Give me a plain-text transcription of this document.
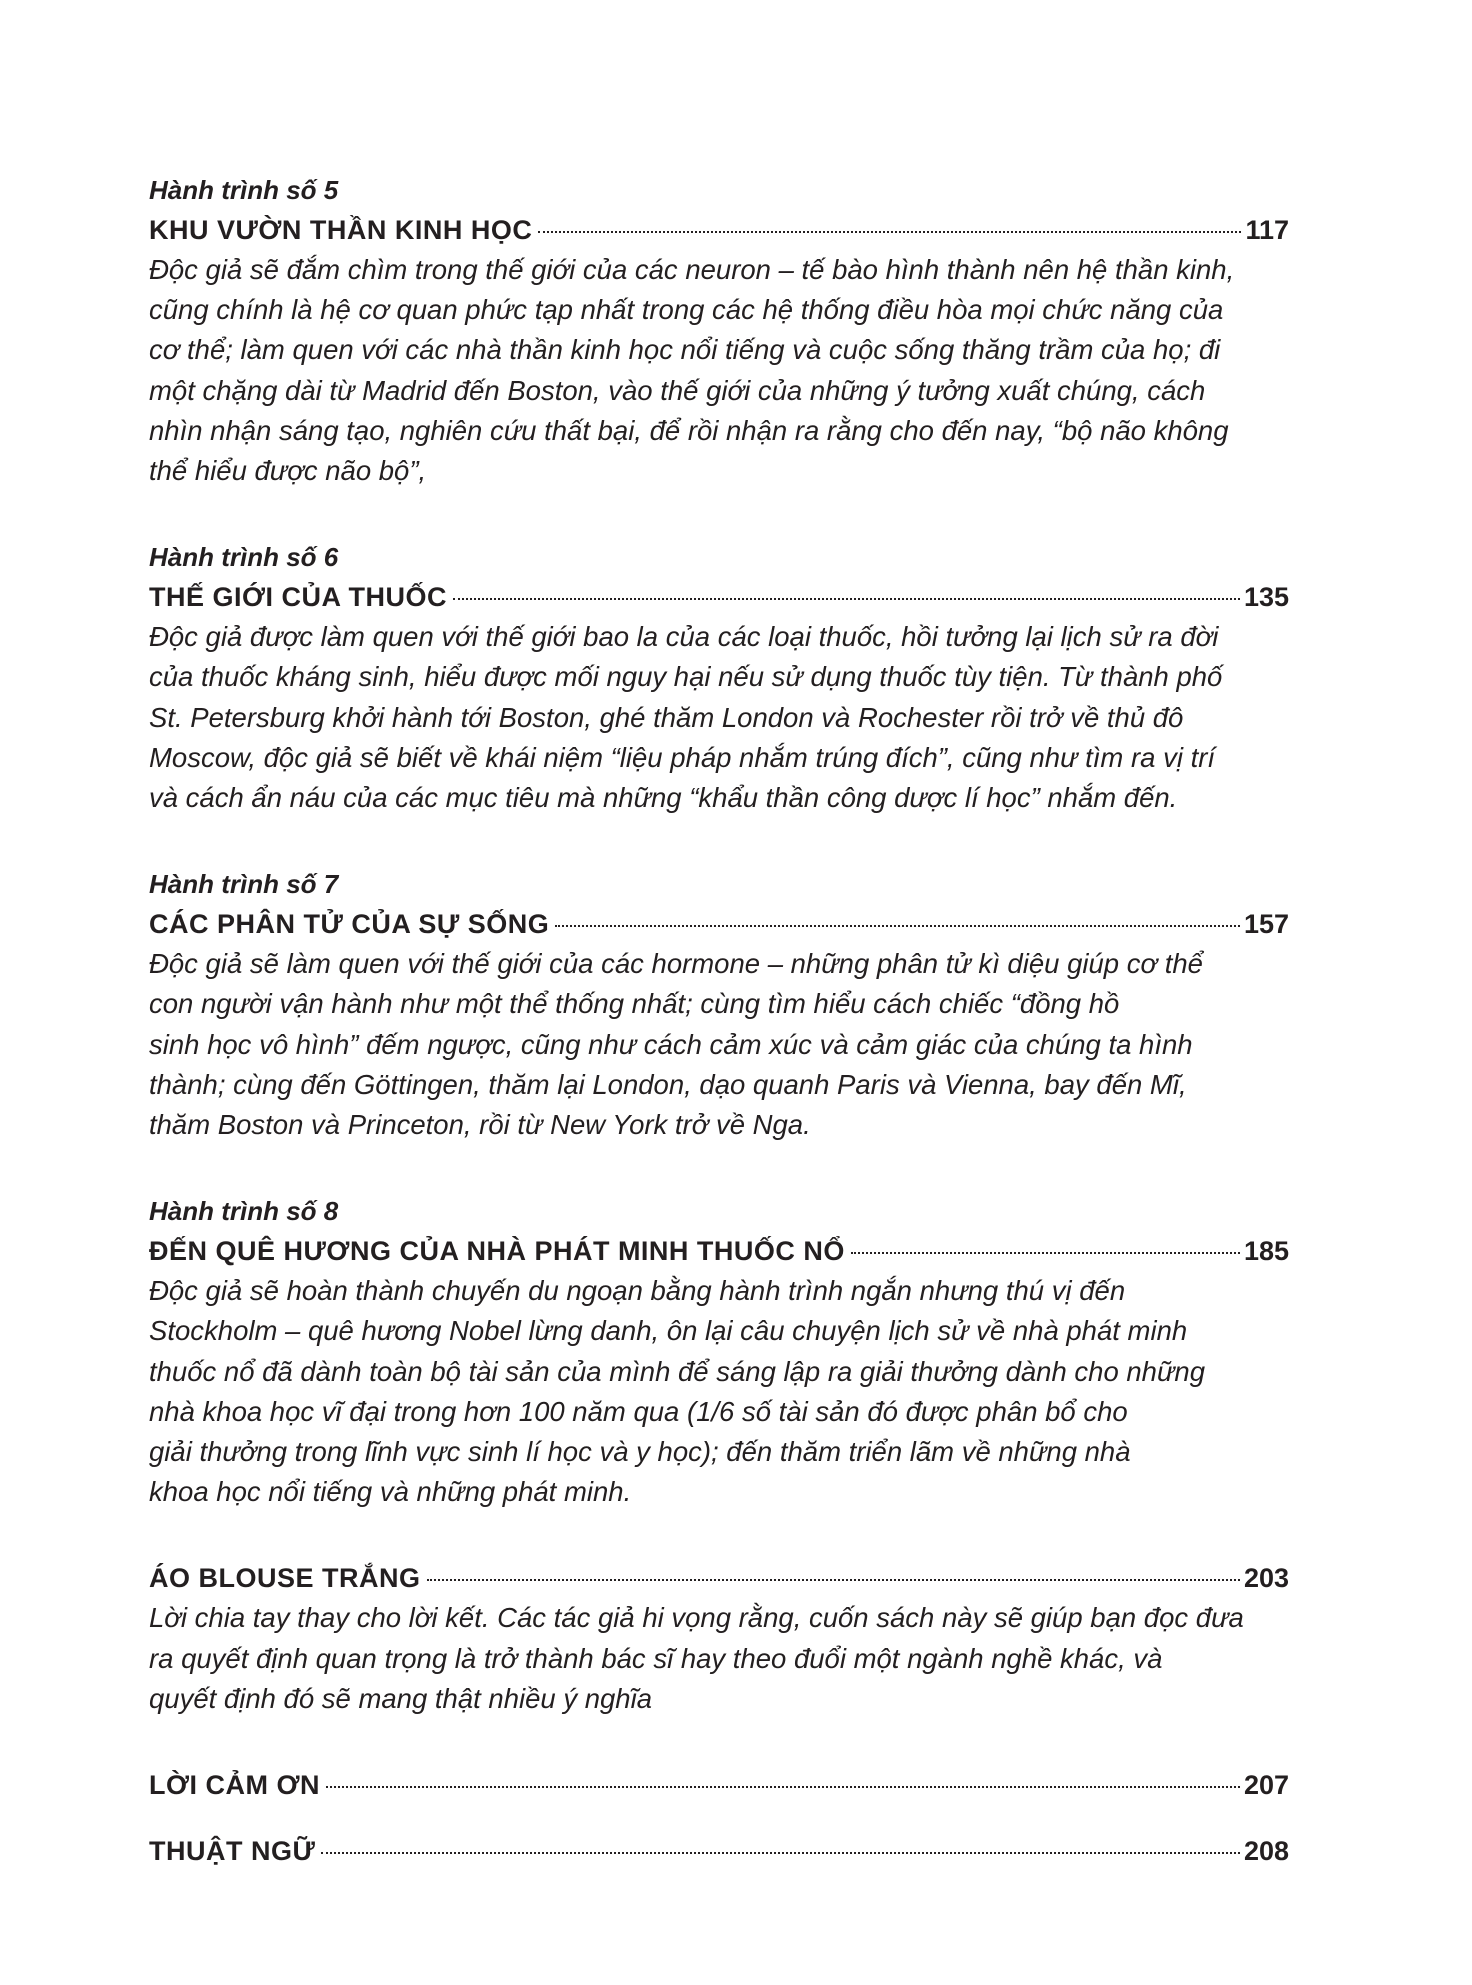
Hành trình số 5
KHU VƯỜN THẦN KINH HỌC	117

Độc giả sẽ đắm chìm trong thế giới của các neuron – tế bào hình thành nên hệ thần kinh,
cũng chính là hệ cơ quan phức tạp nhất trong các hệ thống điều hòa mọi chức năng của
cơ thể; làm quen với các nhà thần kinh học nổi tiếng và cuộc sống thăng trầm của họ; đi
một chặng dài từ Madrid đến Boston, vào thế giới của những ý tưởng xuất chúng, cách
nhìn nhận sáng tạo, nghiên cứu thất bại, để rồi nhận ra rằng cho đến nay, “bộ não không
thể hiểu được não bộ”,

Hành trình số 6
THẾ GIỚI CỦA THUỐC	135

Độc giả được làm quen với thế giới bao la của các loại thuốc, hồi tưởng lại lịch sử ra đời
của thuốc kháng sinh, hiểu được mối nguy hại nếu sử dụng thuốc tùy tiện. Từ thành phố
St. Petersburg khởi hành tới Boston, ghé thăm London và Rochester rồi trở về thủ đô
Moscow, độc giả sẽ biết về khái niệm “liệu pháp nhắm trúng đích”, cũng như tìm ra vị trí
và cách ẩn náu của các mục tiêu mà những “khẩu thần công dược lí học” nhắm đến.

Hành trình số 7
CÁC PHÂN TỬ CỦA SỰ SỐNG	157

Độc giả sẽ làm quen với thế giới của các hormone – những phân tử kì diệu giúp cơ thể
con người vận hành như một thể thống nhất; cùng tìm hiểu cách chiếc “đồng hồ
sinh học vô hình” đếm ngược, cũng như cách cảm xúc và cảm giác của chúng ta hình
thành; cùng đến Göttingen, thăm lại London, dạo quanh Paris và Vienna, bay đến Mĩ,
thăm Boston và Princeton, rồi từ New York trở về Nga.

Hành trình số 8
ĐẾN QUÊ HƯƠNG CỦA NHÀ PHÁT MINH THUỐC NỔ	185

Độc giả sẽ hoàn thành chuyến du ngoạn bằng hành trình ngắn nhưng thú vị đến
Stockholm – quê hương Nobel lừng danh, ôn lại câu chuyện lịch sử về nhà phát minh
thuốc nổ đã dành toàn bộ tài sản của mình để sáng lập ra giải thưởng dành cho những
nhà khoa học vĩ đại trong hơn 100 năm qua (1/6 số tài sản đó được phân bổ cho
giải thưởng trong lĩnh vực sinh lí học và y học); đến thăm triển lãm về những nhà
khoa học nổi tiếng và những phát minh.

ÁO BLOUSE TRẮNG	203

Lời chia tay thay cho lời kết. Các tác giả hi vọng rằng, cuốn sách này sẽ giúp bạn đọc đưa
ra quyết định quan trọng là trở thành bác sĩ hay theo đuổi một ngành nghề khác, và
quyết định đó sẽ mang thật nhiều ý nghĩa

LỜI CẢM ƠN	207
THUẬT NGỮ	208
